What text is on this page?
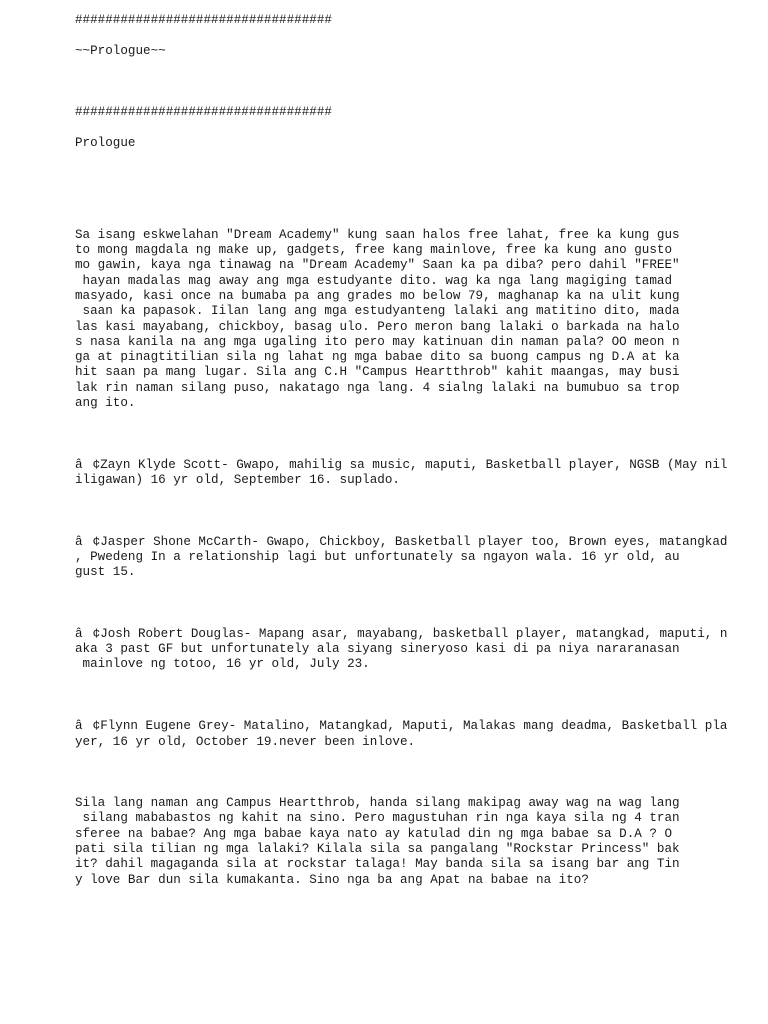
##################################

~~Prologue~~

##################################

Prologue

Sa isang eskwelahan "Dream Academy" kung saan halos free lahat, free ka kung gus

to mong magdala ng make up, gadgets, free kang mainlove, free ka kung ano gusto

mo gawin, kaya nga tinawag na "Dream Academy" Saan ka pa diba? pero dahil "FREE"

hayan madalas mag away ang mga estudyante dito. wag ka nga lang magiging tamad

masyado, kasi once na bumaba pa ang grades mo below 79, maghanap ka na ulit kung

saan ka papasok. Iilan lang ang mga estudyanteng lalaki ang matitino dito, mada

las kasi mayabang, chickboy, basag ulo. Pero meron bang lalaki o barkada na halo

s nasa kanila na ang mga ugaling ito pero may katinuan din naman pala? OO meon n

ga at pinagtitilian sila ng lahat ng mga babae dito sa buong campus ng D.A at ka

hit saan pa mang lugar. Sila ang C.H "Campus Heartthrob" kahit maangas, may busi

lak rin naman silang puso, nakatago nga lang. 4 sialng lalaki na bumubuo sa trop

ang ito.

â¢Zayn Klyde Scott- Gwapo, mahilig sa music, maputi, Basketball player, NGSB (May nil

iligawan) 16 yr old, September 16. suplado.

â¢Jasper Shone McCarth- Gwapo, Chickboy, Basketball player too, Brown eyes, matangkad

, Pwedeng In a relationship lagi but unfortunately sa ngayon wala. 16 yr old, au

gust 15.

â¢Josh Robert Douglas- Mapang asar, mayabang, basketball player, matangkad, maputi, n

aka 3 past GF but unfortunately ala siyang sineryoso kasi di pa niya nararanasan

mainlove ng totoo, 16 yr old, July 23.

â¢Flynn Eugene Grey- Matalino, Matangkad, Maputi, Malakas mang deadma, Basketball pla

yer, 16 yr old, October 19.never been inlove.

Sila lang naman ang Campus Heartthrob, handa silang makipag away wag na wag lang

silang mababastos ng kahit na sino. Pero magustuhan rin nga kaya sila ng 4 tran

sferee na babae? Ang mga babae kaya nato ay katulad din ng mga babae sa D.A ? O

pati sila tilian ng mga lalaki? Kilala sila sa pangalang "Rockstar Princess" bak

it? dahil magaganda sila at rockstar talaga! May banda sila sa isang bar ang Tin

y love Bar dun sila kumakanta. Sino nga ba ang Apat na babae na ito?
